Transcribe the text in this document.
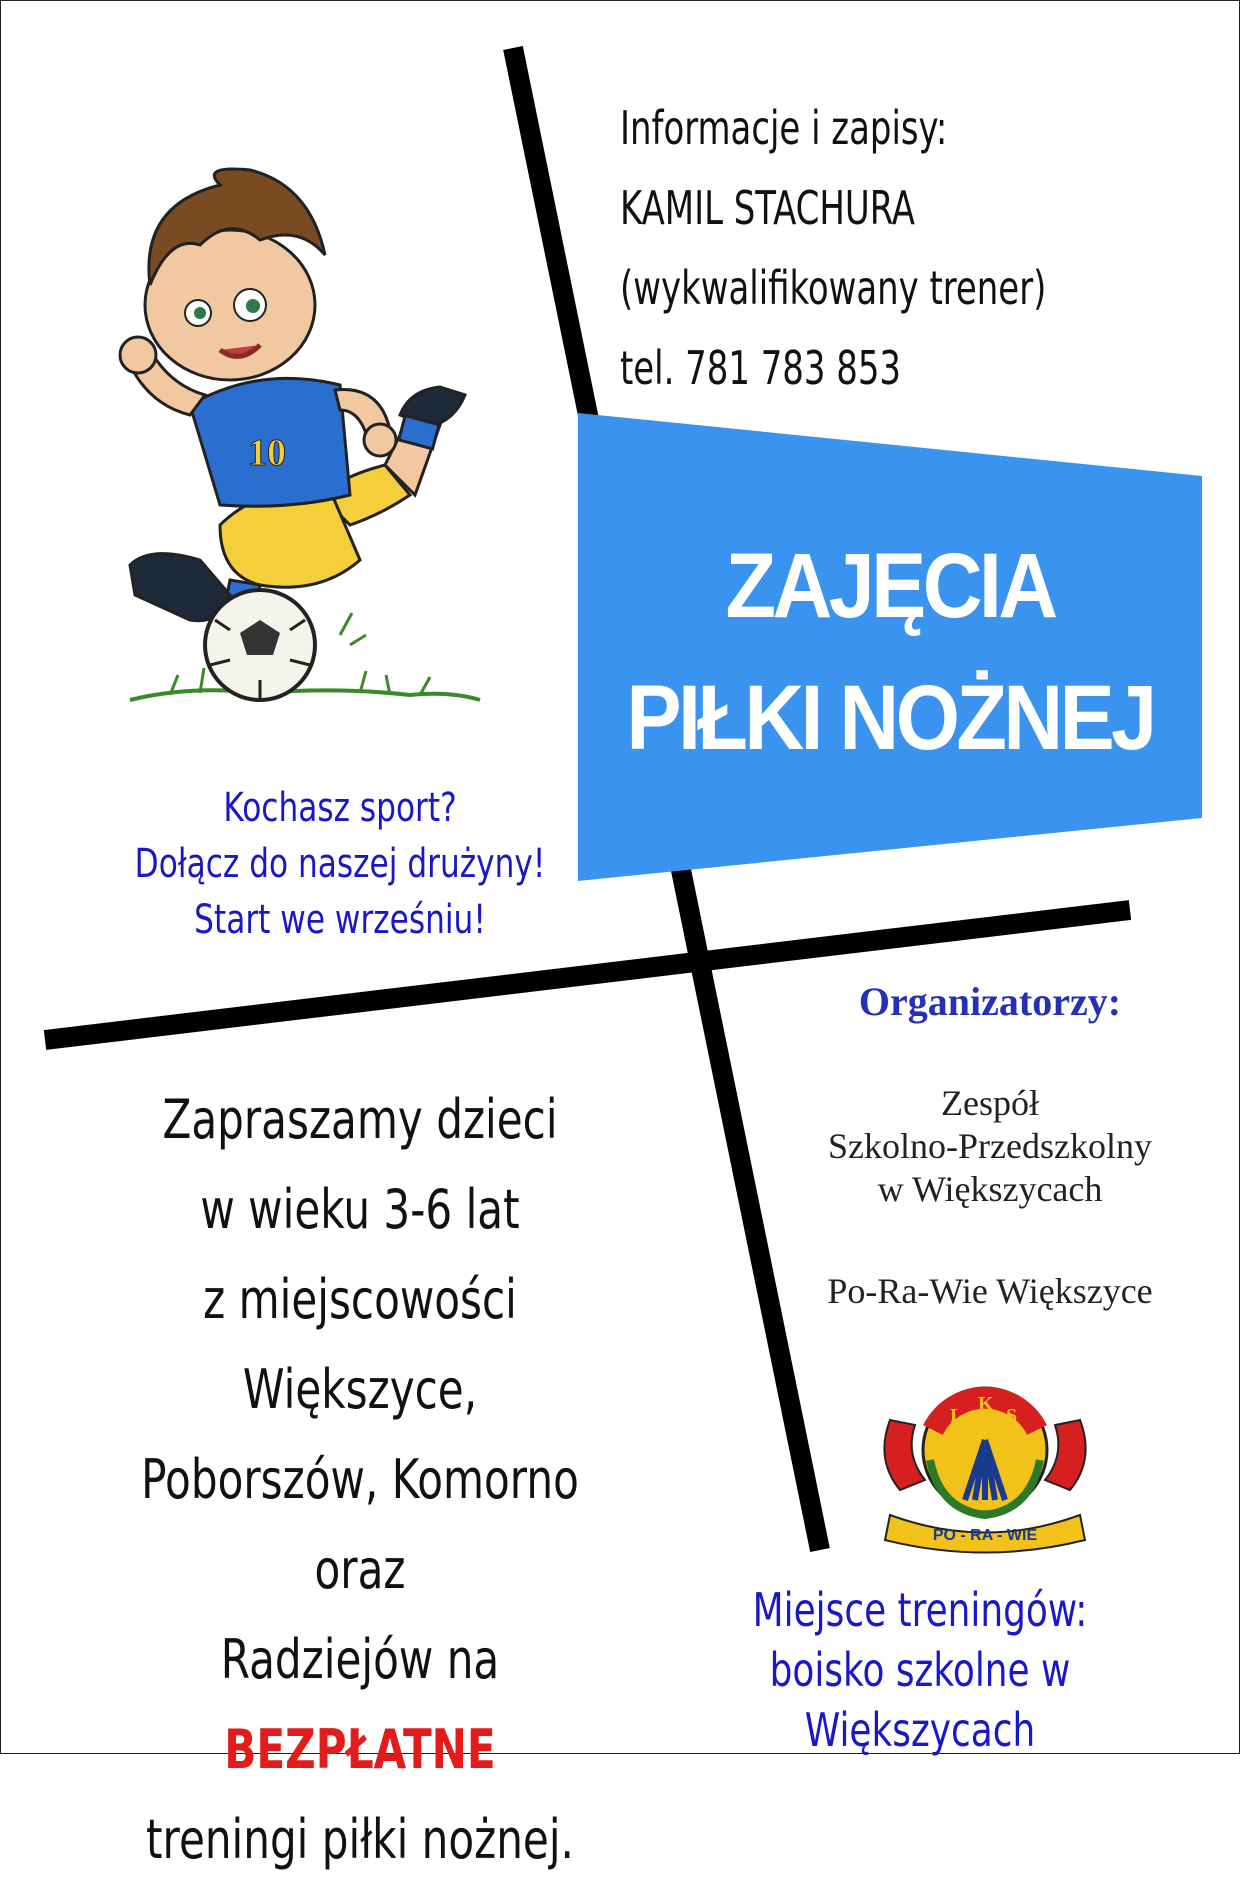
Informacje i zapisy:
KAMIL STACHURA
(wykwalifikowany trener)
tel. 781 783 853
ZAJĘCIA
PIŁKI NOŻNEJ
10
Kochasz sport?
Dołącz do naszej drużyny!
Start we wrześniu!
Zapraszamy dzieci
w wieku 3-6 lat
z miejscowości Większyce,
Poborszów, Komorno oraz
Radziejów na BEZPŁATNE
treningi piłki nożnej.
Organizatorzy:
Zespół
Szkolno-Przedszkolny
w Większycach
Po-Ra-Wie Większyce
L
K
S
PO - RA - WIE
Miejsce treningów:
boisko szkolne w Większycach
